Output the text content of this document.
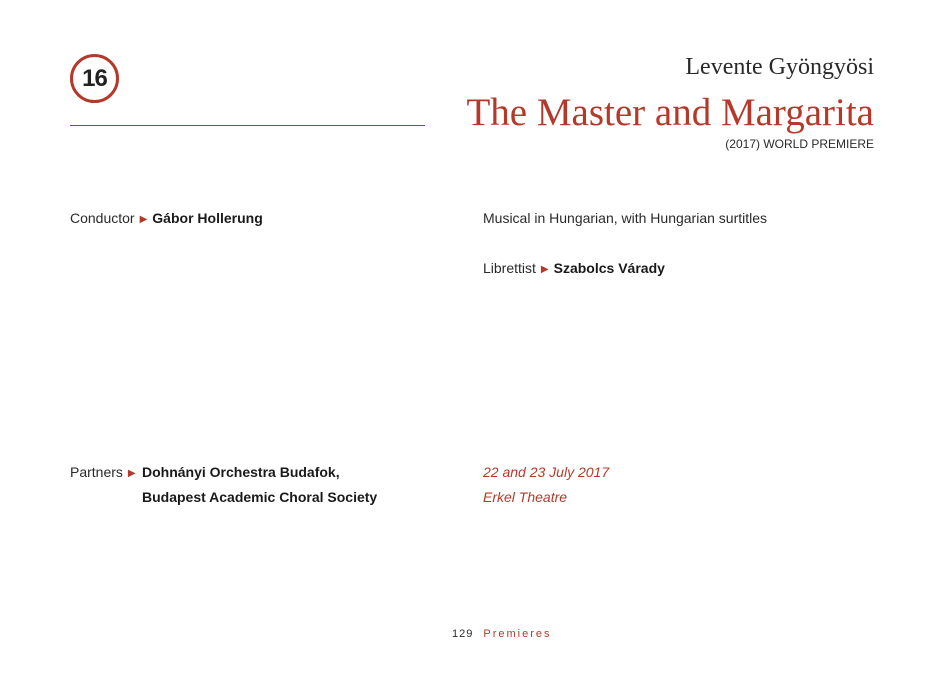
16	Levente Gyöngyösi
The Master and Margarita
(2017) WORLD PREMIERE
Conductor ▶ Gábor Hollerung	Musical in Hungarian, with Hungarian surtitles
Librettist ▶ Szabolcs Várady
Partners ▶ Dohnányi Orchestra Budafok,
Budapest Academic Choral Society
22 and 23 July 2017
Erkel Theatre
129 Premieres
